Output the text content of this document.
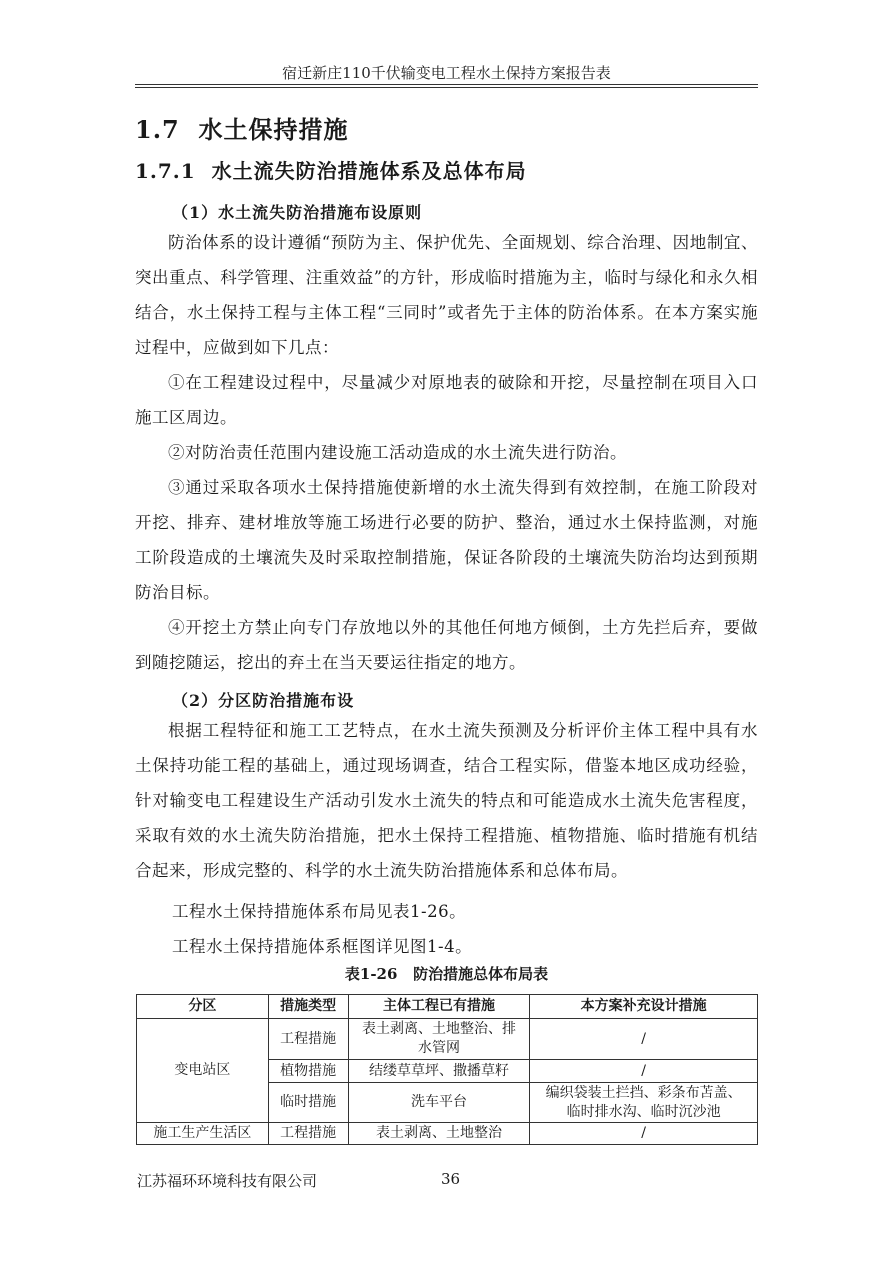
宿迁新庄110千伏输变电工程水土保持方案报告表
1.7  水土保持措施
1.7.1  水土流失防治措施体系及总体布局
（1）水土流失防治措施布设原则
防治体系的设计遵循“预防为主、保护优先、全面规划、综合治理、因地制宜、突出重点、科学管理、注重效益”的方针，形成临时措施为主，临时与绿化和永久相结合，水土保持工程与主体工程“三同时”或者先于主体的防治体系。在本方案实施过程中，应做到如下几点：
①在工程建设过程中，尽量减少对原地表的破除和开挖，尽量控制在项目入口施工区周边。
②对防治责任范围内建设施工活动造成的水土流失进行防治。
③通过采取各项水土保持措施使新增的水土流失得到有效控制，在施工阶段对开挖、排弃、建材堆放等施工场进行必要的防护、整治，通过水土保持监测，对施工阶段造成的土壤流失及时采取控制措施，保证各阶段的土壤流失防治均达到预期防治目标。
④开挖土方禁止向专门存放地以外的其他任何地方倾倒，土方先拦后弃，要做到随挖随运，挖出的弃土在当天要运往指定的地方。
（2）分区防治措施布设
根据工程特征和施工工艺特点，在水土流失预测及分析评价主体工程中具有水土保持功能工程的基础上，通过现场调查，结合工程实际，借鉴本地区成功经验，针对输变电工程建设生产活动引发水土流失的特点和可能造成水土流失危害程度，采取有效的水土流失防治措施，把水土保持工程措施、植物措施、临时措施有机结合起来，形成完整的、科学的水土流失防治措施体系和总体布局。
工程水土保持措施体系布局见表1-26。
工程水土保持措施体系框图详见图1-4。
表1-26   防治措施总体布局表
分区	措施类型	主体工程已有措施	本方案补充设计措施
变电站区	工程措施	表土剥离、土地整治、排水管网	/
	植物措施	结缕草草坪、撒播草籽	/
	临时措施	洗车平台	编织袋装土拦挡、彩条布苫盖、临时排水沟、临时沉沙池
施工生产生活区	工程措施	表土剥离、土地整治	/
江苏福环环境科技有限公司	36
